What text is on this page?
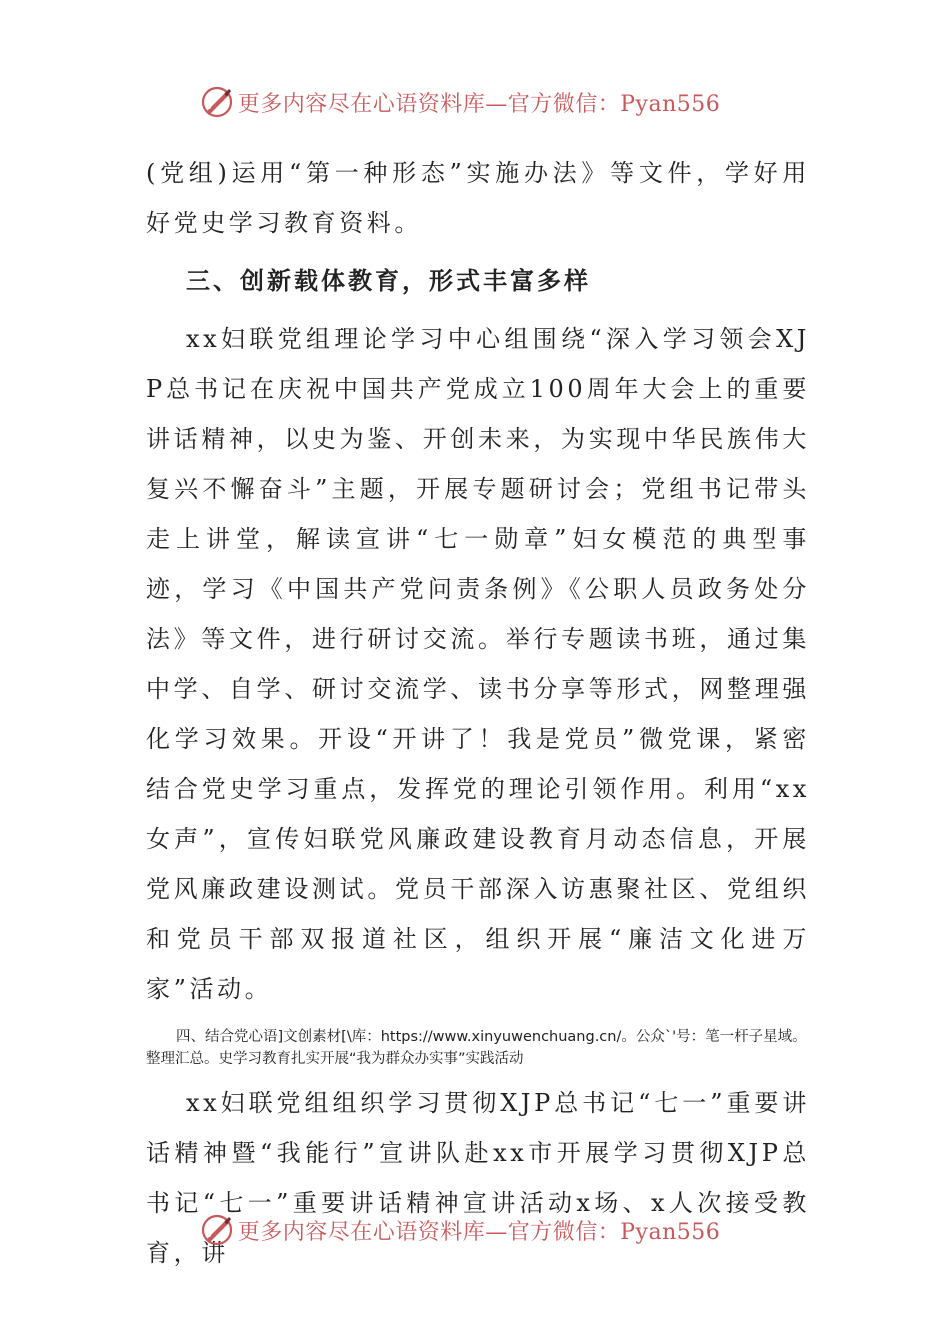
更多内容尽在心语资料库—官方微信：Pyan556

(党组)运用“第一种形态”实施办法》等文件，学好用好党史学习教育资料。

三、创新载体教育，形式丰富多样

xx妇联党组理论学习中心组围绕“深入学习领会XJP总书记在庆祝中国共产党成立100周年大会上的重要讲话精神，以史为鉴、开创未来，为实现中华民族伟大复兴不懈奋斗”主题，开展专题研讨会；党组书记带头走上讲堂，解读宣讲“七一勋章”妇女模范的典型事迹，学习《中国共产党问责条例》《公职人员政务处分法》等文件，进行研讨交流。举行专题读书班，通过集中学、自学、研讨交流学、读书分享等形式，网整理强化学习效果。开设“开讲了！我是党员”微党课，紧密结合党史学习重点，发挥党的理论引领作用。利用“xx女声”，宣传妇联党风廉政建设教育月动态信息，开展党风廉政建设测试。党员干部深入访惠聚社区、党组织和党员干部双报道社区，组织开展“廉洁文化进万家”活动。

四、结合党心语]文创素材[\库：https://www.xinyuwenchuang.cn/。公众`'号：笔一杆子星域。整理汇总。史学习教育扎实开展“我为群众办实事”实践活动

xx妇联党组组织学习贯彻XJP总书记“七一”重要讲话精神暨“我能行”宣讲队赴xx市开展学习贯彻XJP总书记“七一”重要讲话精神宣讲活动x场、x人次接受教育，讲

更多内容尽在心语资料库—官方微信：Pyan556
